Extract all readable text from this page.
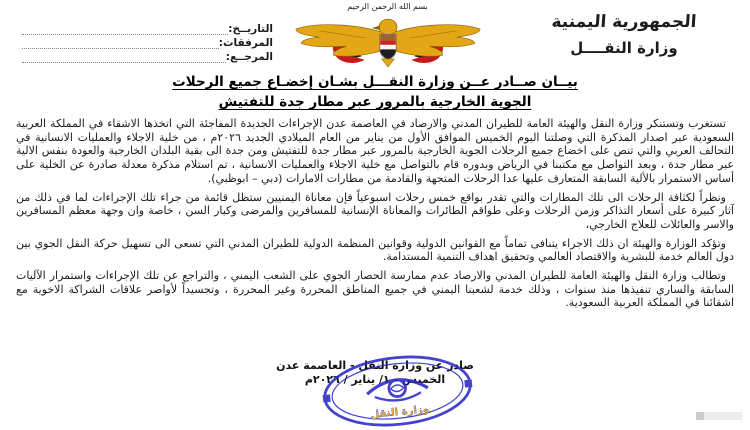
الجمهورية اليمنية
وزارة النقــــل
بسم الله الرحمن الرحيم
التاريــخ:
المرفقات:
المرجــع:
بيــان صــادر عــن وزارة النقـــل بشـان إخضـاع جميع الرحلات
الجوية الخارجية بالمرور عبر مطار جدة للتفتيش

تستغرب وتستنكر وزارة النقل والهيئة العامة للطيران المدني والارصاد في العاصمة عدن الإجراءات الجديدة المفاجئة التي اتخذها الاشقاء في المملكة العربية السعودية عبر اصدار المذكرة التي وصلتنا اليوم الخميس الموافق الأول من يناير من العام الميلادي الجديد ٢٠٢٦م ، من خلية الاجلاء والعمليات الانسانية في التحالف العربي والتي تنص على اخضاع جميع الرحلات الجوية الخارجية بالمرور عبر مطار جدة للتفتيش ومن جدة الى بقية البلدان الخارجية والعودة بنفس الالية عبر مطار جدة ، وبعد التواصل مع مكتبنا في الرياض وبدوره قام بالتواصل مع خلية الاجلاء والعمليات الانسانية ، تم استلام مذكرة معدلة صادرة عن الخلية على أساس الاستمرار بالألية السابقة المتعارف عليها عدا الرحلات المتجهة والقادمة من مطارات الامارات (دبي – ابوظبي).

ونظراً لكثافة الرحلات الى تلك المطارات والتي تقدر بواقع خمس رحلات اسبوعياً فإن معاناة اليمنيين ستظل قائمة من جراء تلك الإجراءات لما في ذلك من آثار كبيرة على أسعار التذاكر وزمن الرحلات وعلى طواقم الطائرات والمعاناة الإنسانية للمسافرين والمرضى وكبار السن ، خاصة وان وجهة معظم المسافرين والاسر والعائلات للعلاج الخارجي،

وتؤكد الوزارة والهيئة ان ذلك الاجراء يتنافى تماماً مع القوانين الدولية وقوانين المنظمة الدولية للطيران المدني التي تسعى الى تسهيل حركة النقل الجوي بين دول العالم خدمة للبشرية والاقتصاد العالمي وتحقيق اهداف التنمية المستدامة.

وتطالب وزارة النقل والهيئة العامة للطيران المدني والارصاد عدم ممارسة الحصار الجوي على الشعب اليمني ، والتراجع عن تلك الإجراءات واستمرار الآليات السابقة والساري تنفيذها منذ سنوات ، وذلك خدمة لشعبنا اليمني في جميع المناطق المحررة وغير المحررة ، وتجسيداً لأواصر علاقات الشراكة الاخوية مع اشقائنا في المملكة العربية السعودية.

صادر عن وزارة النقل - العاصمة عدن
الخميس - ١/ يناير / ٢٠٢٦م
وزارة النقل
